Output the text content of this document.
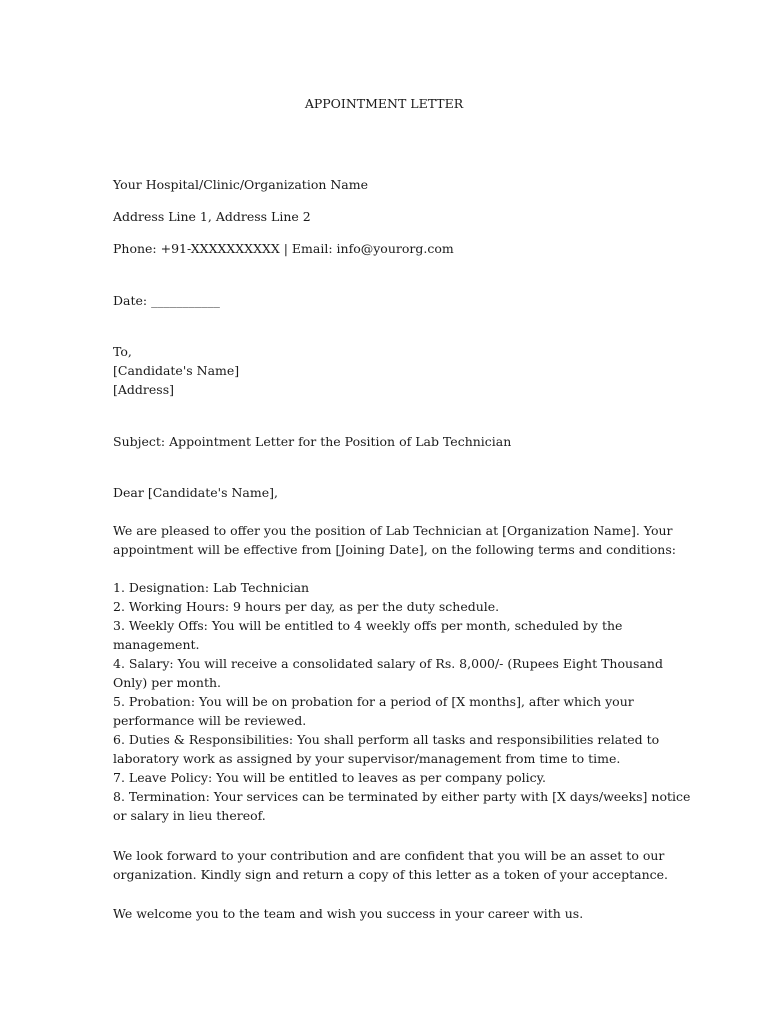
APPOINTMENT LETTER
Your Hospital/Clinic/Organization Name
Address Line 1, Address Line 2
Phone: +91-XXXXXXXXXX | Email: info@yourorg.com
Date: ___________
To,
[Candidate's Name]
[Address]
Subject: Appointment Letter for the Position of Lab Technician
Dear [Candidate's Name],
We are pleased to offer you the position of Lab Technician at [Organization Name]. Your
appointment will be effective from [Joining Date], on the following terms and conditions:
1. Designation: Lab Technician
2. Working Hours: 9 hours per day, as per the duty schedule.
3. Weekly Offs: You will be entitled to 4 weekly offs per month, scheduled by the
management.
4. Salary: You will receive a consolidated salary of Rs. 8,000/- (Rupees Eight Thousand
Only) per month.
5. Probation: You will be on probation for a period of [X months], after which your
performance will be reviewed.
6. Duties & Responsibilities: You shall perform all tasks and responsibilities related to
laboratory work as assigned by your supervisor/management from time to time.
7. Leave Policy: You will be entitled to leaves as per company policy.
8. Termination: Your services can be terminated by either party with [X days/weeks] notice
or salary in lieu thereof.
We look forward to your contribution and are confident that you will be an asset to our
organization. Kindly sign and return a copy of this letter as a token of your acceptance.
We welcome you to the team and wish you success in your career with us.
